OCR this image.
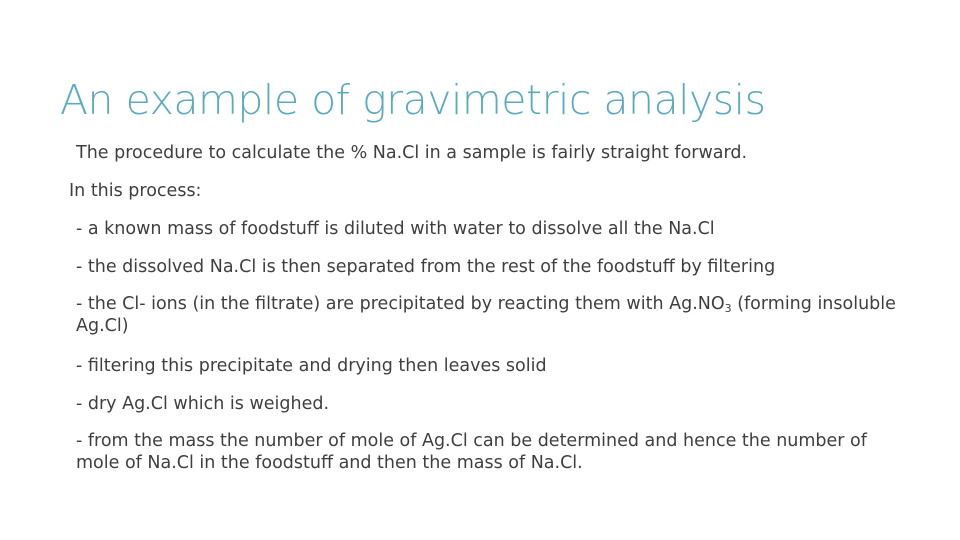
An example of gravimetric analysis
The procedure to calculate the % Na.Cl in a sample is fairly straight forward.
In this process:
- a known mass of foodstuff is diluted with water to dissolve all the Na.Cl
- the dissolved Na.Cl is then separated from the rest of the foodstuff by filtering
- the Cl- ions (in the filtrate) are precipitated by reacting them with $Ag.NO_3$ (forming insoluble Ag.Cl)
- filtering this precipitate and drying then leaves solid
- dry Ag.Cl which is weighed.
- from the mass the number of mole of Ag.Cl can be determined and hence the number of mole of Na.Cl in the foodstuff and then the mass of Na.Cl.
